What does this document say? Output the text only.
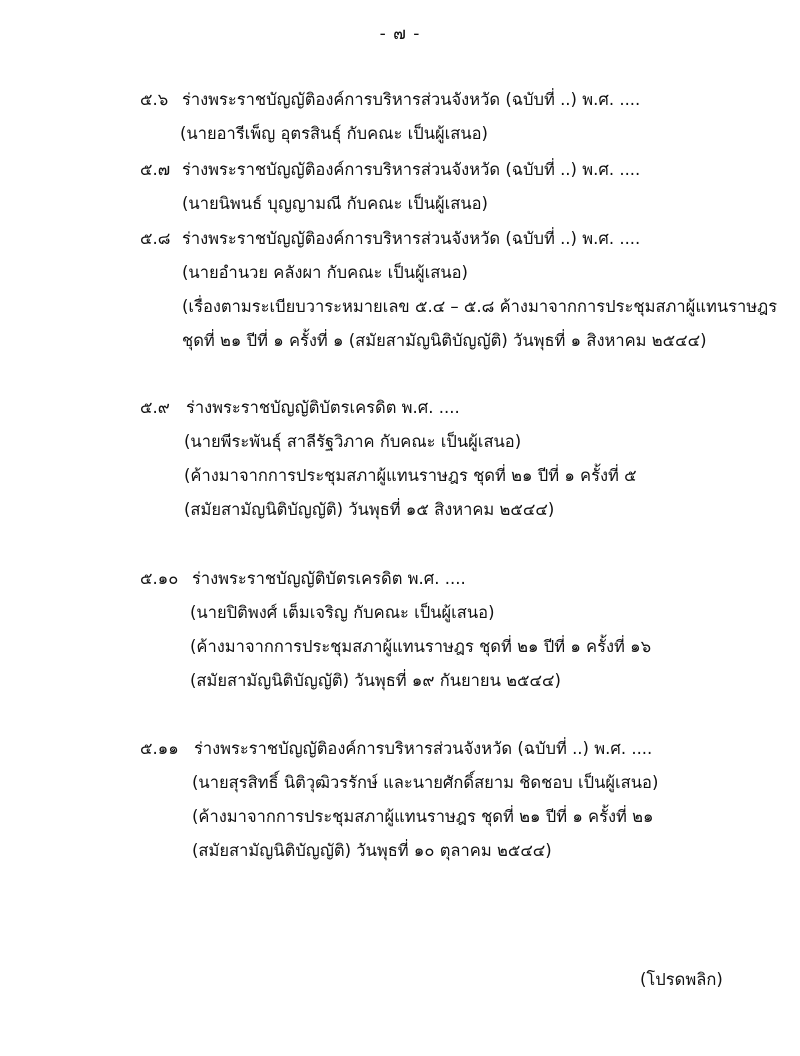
- ๗ -
๕.๖ ร่างพระราชบัญญัติองค์การบริหารส่วนจังหวัด (ฉบับที่ ..) พ.ศ. ....
(นายอารีเพ็ญ อุตรสินธุ์ กับคณะ เป็นผู้เสนอ)
๕.๗ ร่างพระราชบัญญัติองค์การบริหารส่วนจังหวัด (ฉบับที่ ..) พ.ศ. ....
(นายนิพนธ์ บุญญามณี กับคณะ เป็นผู้เสนอ)
๕.๘ ร่างพระราชบัญญัติองค์การบริหารส่วนจังหวัด (ฉบับที่ ..) พ.ศ. ....
(นายอำนวย คลังผา กับคณะ เป็นผู้เสนอ)
(เรื่องตามระเบียบวาระหมายเลข ๕.๔ – ๕.๘ ค้างมาจากการประชุมสภาผู้แทนราษฎร
ชุดที่ ๒๑ ปีที่ ๑ ครั้งที่ ๑ (สมัยสามัญนิติบัญญัติ) วันพุธที่ ๑ สิงหาคม ๒๕๔๔)
๕.๙ ร่างพระราชบัญญัติบัตรเครดิต พ.ศ. ....
(นายพีระพันธุ์ สาลีรัฐวิภาค กับคณะ เป็นผู้เสนอ)
(ค้างมาจากการประชุมสภาผู้แทนราษฎร ชุดที่ ๒๑ ปีที่ ๑ ครั้งที่ ๕
(สมัยสามัญนิติบัญญัติ) วันพุธที่ ๑๕ สิงหาคม ๒๕๔๔)
๕.๑๐ ร่างพระราชบัญญัติบัตรเครดิต พ.ศ. ....
(นายปิติพงศ์ เต็มเจริญ กับคณะ เป็นผู้เสนอ)
(ค้างมาจากการประชุมสภาผู้แทนราษฎร ชุดที่ ๒๑ ปีที่ ๑ ครั้งที่ ๑๖
(สมัยสามัญนิติบัญญัติ) วันพุธที่ ๑๙ กันยายน ๒๕๔๔)
๕.๑๑ ร่างพระราชบัญญัติองค์การบริหารส่วนจังหวัด (ฉบับที่ ..) พ.ศ. ....
(นายสุรสิทธิ์ นิติวุฒิวรรักษ์ และนายศักดิ์สยาม ชิดชอบ เป็นผู้เสนอ)
(ค้างมาจากการประชุมสภาผู้แทนราษฎร ชุดที่ ๒๑ ปีที่ ๑ ครั้งที่ ๒๑
(สมัยสามัญนิติบัญญัติ) วันพุธที่ ๑๐ ตุลาคม ๒๕๔๔)
(โปรดพลิก)
